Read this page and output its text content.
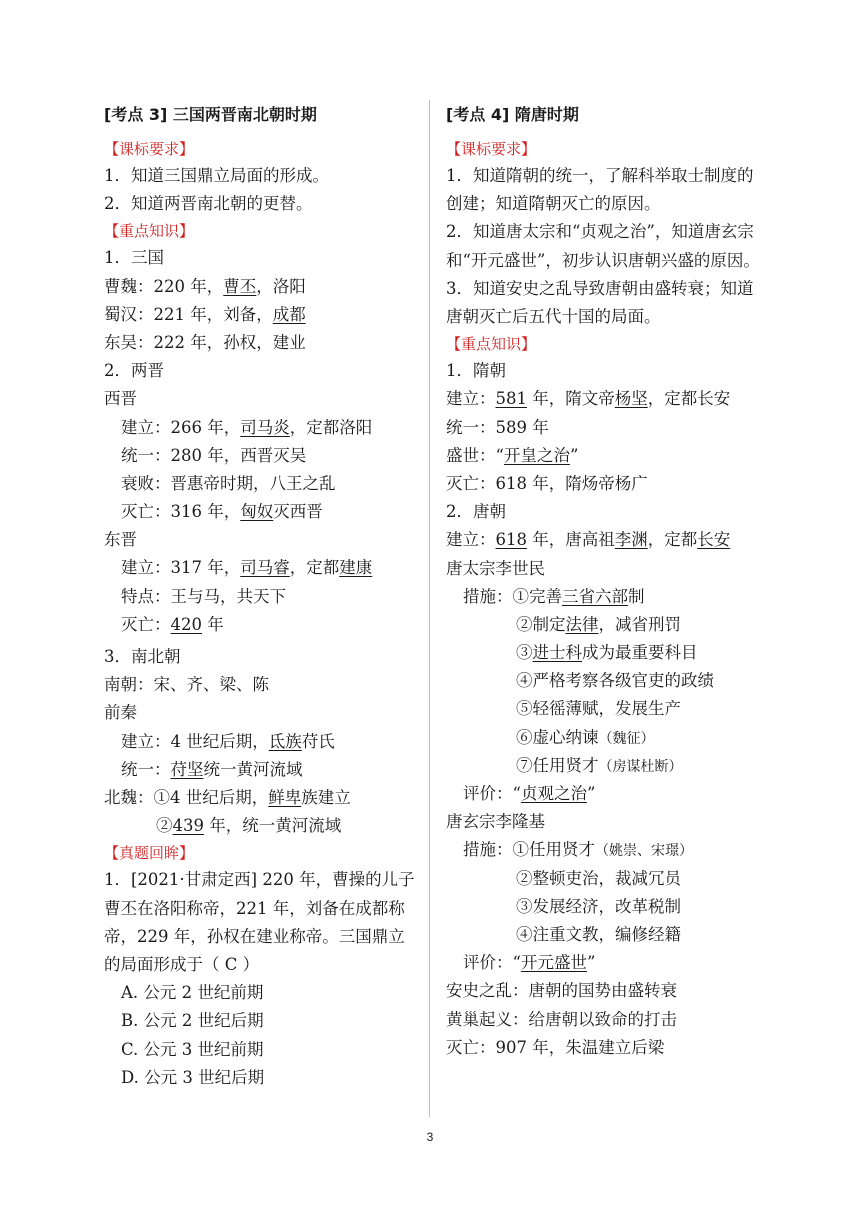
[考点 3] 三国两晋南北朝时期
【课标要求】
1．知道三国鼎立局面的形成。
2．知道两晋南北朝的更替。
【重点知识】
1．三国
曹魏：220 年，曹丕，洛阳
蜀汉：221 年，刘备，成都
东吴：222 年，孙权，建业
2．两晋
西晋
建立：266 年，司马炎，定都洛阳
统一：280 年，西晋灭吴
衰败：晋惠帝时期，八王之乱
灭亡：316 年，匈奴灭西晋
东晋
建立：317 年，司马睿，定都建康
特点：王与马，共天下
灭亡：420 年
3．南北朝
南朝：宋、齐、梁、陈
前秦
建立：4 世纪后期，氐族苻氏
统一：苻坚统一黄河流域
北魏：①4 世纪后期，鲜卑族建立
②439 年，统一黄河流域
【真题回眸】
1．[2021·甘肃定西] 220 年，曹操的儿子曹丕在洛阳称帝，221 年，刘备在成都称帝，229 年，孙权在建业称帝。三国鼎立的局面形成于（ C ）
A. 公元 2 世纪前期
B. 公元 2 世纪后期
C. 公元 3 世纪前期
D. 公元 3 世纪后期
[考点 4] 隋唐时期
【课标要求】
1．知道隋朝的统一，了解科举取士制度的创建；知道隋朝灭亡的原因。
2．知道唐太宗和“贞观之治”，知道唐玄宗和“开元盛世”，初步认识唐朝兴盛的原因。
3．知道安史之乱导致唐朝由盛转衰；知道唐朝灭亡后五代十国的局面。
【重点知识】
1．隋朝
建立：581 年，隋文帝杨坚，定都长安
统一：589 年
盛世：“开皇之治”
灭亡：618 年，隋炀帝杨广
2．唐朝
建立：618 年，唐高祖李渊，定都长安
唐太宗李世民
措施：①完善三省六部制
②制定法律，减省刑罚
③进士科成为最重要科目
④严格考察各级官吏的政绩
⑤轻徭薄赋，发展生产
⑥虚心纳谏（魏征）
⑦任用贤才（房谋杜断）
评价：“贞观之治”
唐玄宗李隆基
措施：①任用贤才（姚崇、宋璟）
②整顿吏治，裁减冗员
③发展经济，改革税制
④注重文教，编修经籍
评价：“开元盛世”
安史之乱：唐朝的国势由盛转衰
黄巢起义：给唐朝以致命的打击
灭亡：907 年，朱温建立后梁
3
